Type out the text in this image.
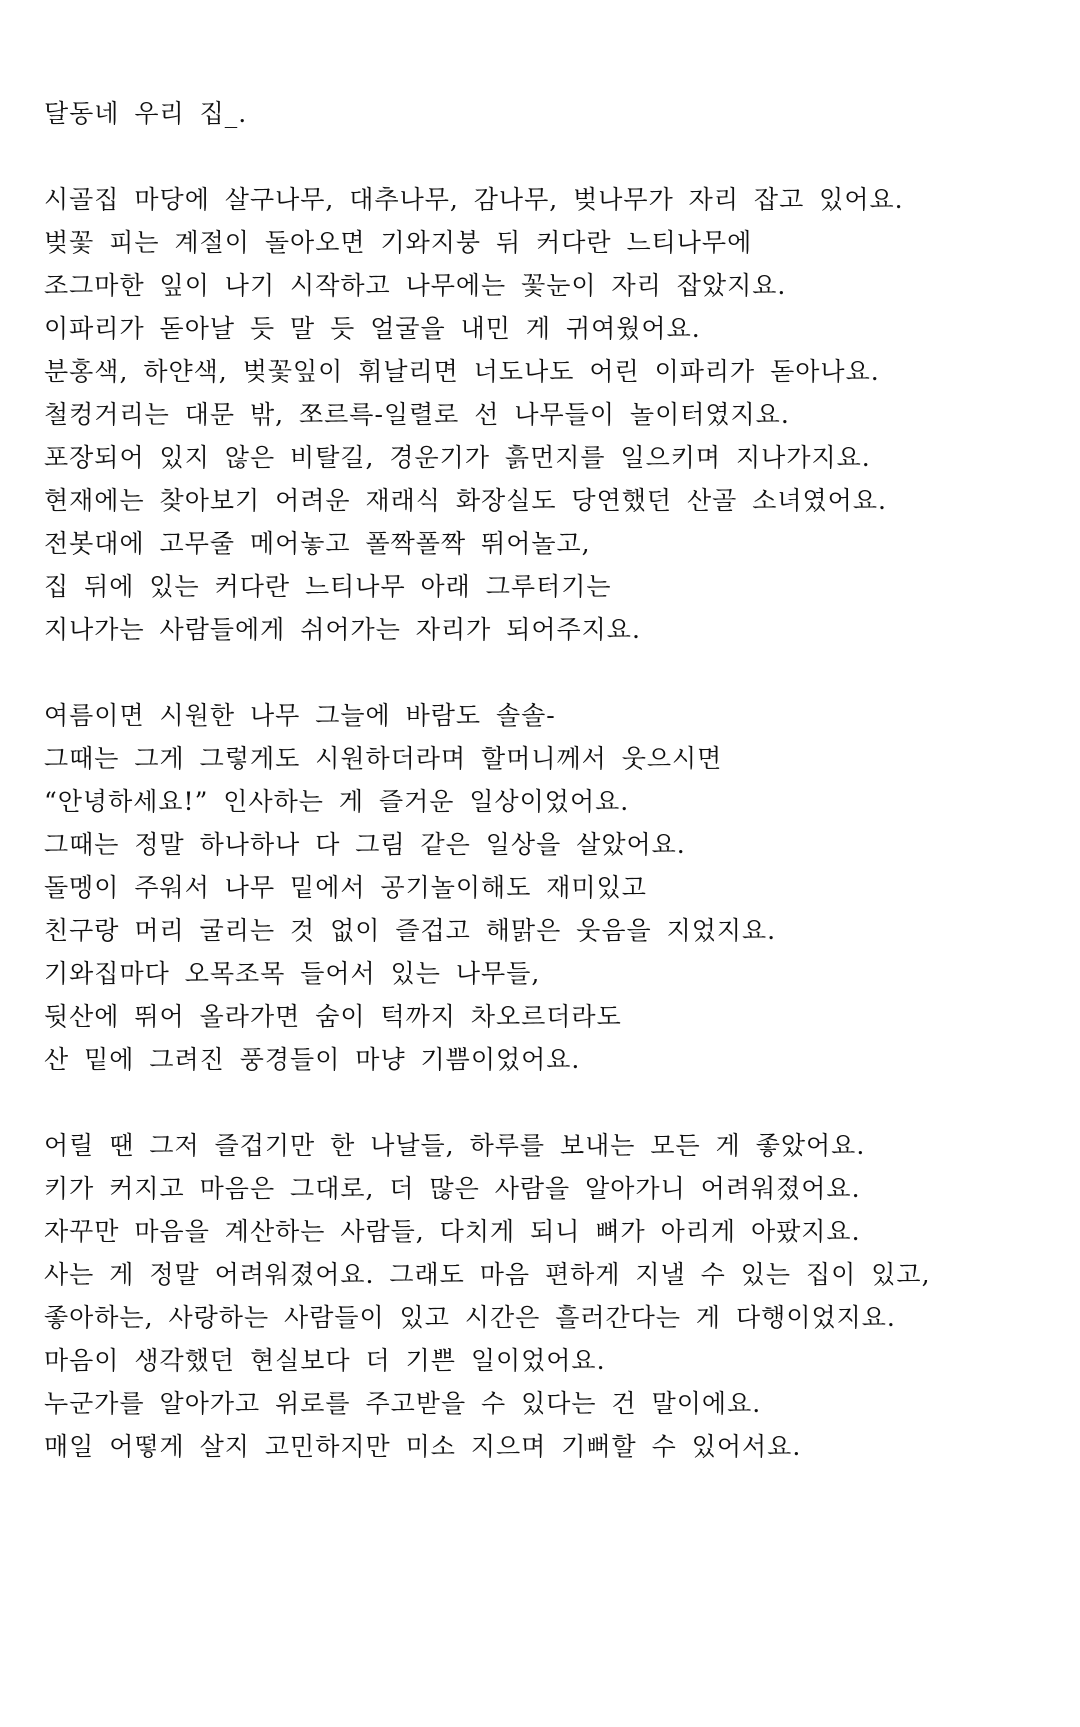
달동네 우리 집_.
시골집 마당에 살구나무, 대추나무, 감나무, 벚나무가 자리 잡고 있어요.
벚꽃 피는 계절이 돌아오면 기와지붕 뒤 커다란 느티나무에
조그마한 잎이 나기 시작하고 나무에는 꽃눈이 자리 잡았지요.
이파리가 돋아날 듯 말 듯 얼굴을 내민 게 귀여웠어요.
분홍색, 하얀색, 벚꽃잎이 휘날리면 너도나도 어린 이파리가 돋아나요.
철컹거리는 대문 밖, 쪼르륵-일렬로 선 나무들이 놀이터였지요.
포장되어 있지 않은 비탈길, 경운기가 흙먼지를 일으키며 지나가지요.
현재에는 찾아보기 어려운 재래식 화장실도 당연했던 산골 소녀였어요.
전봇대에 고무줄 메어놓고 폴짝폴짝 뛰어놀고,
집 뒤에 있는 커다란 느티나무 아래 그루터기는
지나가는 사람들에게 쉬어가는 자리가 되어주지요.
여름이면 시원한 나무 그늘에 바람도 솔솔-
그때는 그게 그렇게도 시원하더라며 할머니께서 웃으시면
“안녕하세요!” 인사하는 게 즐거운 일상이었어요.
그때는 정말 하나하나 다 그림 같은 일상을 살았어요.
돌멩이 주워서 나무 밑에서 공기놀이해도 재미있고
친구랑 머리 굴리는 것 없이 즐겁고 해맑은 웃음을 지었지요.
기와집마다 오목조목 들어서 있는 나무들,
뒷산에 뛰어 올라가면 숨이 턱까지 차오르더라도
산 밑에 그려진 풍경들이 마냥 기쁨이었어요.
어릴 땐 그저 즐겁기만 한 나날들, 하루를 보내는 모든 게 좋았어요.
키가 커지고 마음은 그대로, 더 많은 사람을 알아가니 어려워졌어요.
자꾸만 마음을 계산하는 사람들, 다치게 되니 뼈가 아리게 아팠지요.
사는 게 정말 어려워졌어요. 그래도 마음 편하게 지낼 수 있는 집이 있고,
좋아하는, 사랑하는 사람들이 있고 시간은 흘러간다는 게 다행이었지요.
마음이 생각했던 현실보다 더 기쁜 일이었어요.
누군가를 알아가고 위로를 주고받을 수 있다는 건 말이에요.
매일 어떻게 살지 고민하지만 미소 지으며 기뻐할 수 있어서요.
